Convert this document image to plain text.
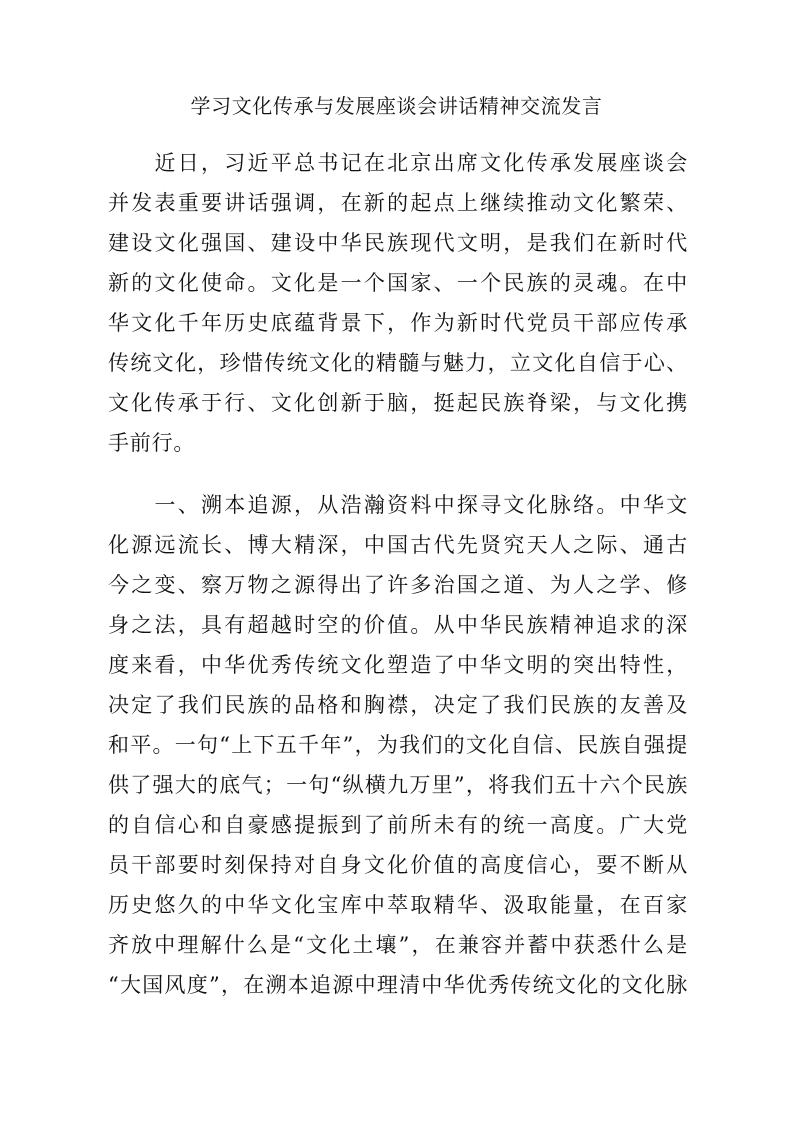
学习文化传承与发展座谈会讲话精神交流发言
　　近日，习近平总书记在北京出席文化传承发展座谈会
并发表重要讲话强调，在新的起点上继续推动文化繁荣、
建设文化强国、建设中华民族现代文明，是我们在新时代
新的文化使命。文化是一个国家、一个民族的灵魂。在中
华文化千年历史底蕴背景下，作为新时代党员干部应传承
传统文化，珍惜传统文化的精髓与魅力，立文化自信于心、
文化传承于行、文化创新于脑，挺起民族脊梁，与文化携
手前行。
　　一、溯本追源，从浩瀚资料中探寻文化脉络。中华文
化源远流长、博大精深，中国古代先贤究天人之际、通古
今之变、察万物之源得出了许多治国之道、为人之学、修
身之法，具有超越时空的价值。从中华民族精神追求的深
度来看，中华优秀传统文化塑造了中华文明的突出特性，
决定了我们民族的品格和胸襟，决定了我们民族的友善及
和平。一句“上下五千年”，为我们的文化自信、民族自强提
供了强大的底气；一句“纵横九万里”，将我们五十六个民族
的自信心和自豪感提振到了前所未有的统一高度。广大党
员干部要时刻保持对自身文化价值的高度信心，要不断从
历史悠久的中华文化宝库中萃取精华、汲取能量，在百家
齐放中理解什么是“文化土壤”，在兼容并蓄中获悉什么是
“大国风度”，在溯本追源中理清中华优秀传统文化的文化脉
